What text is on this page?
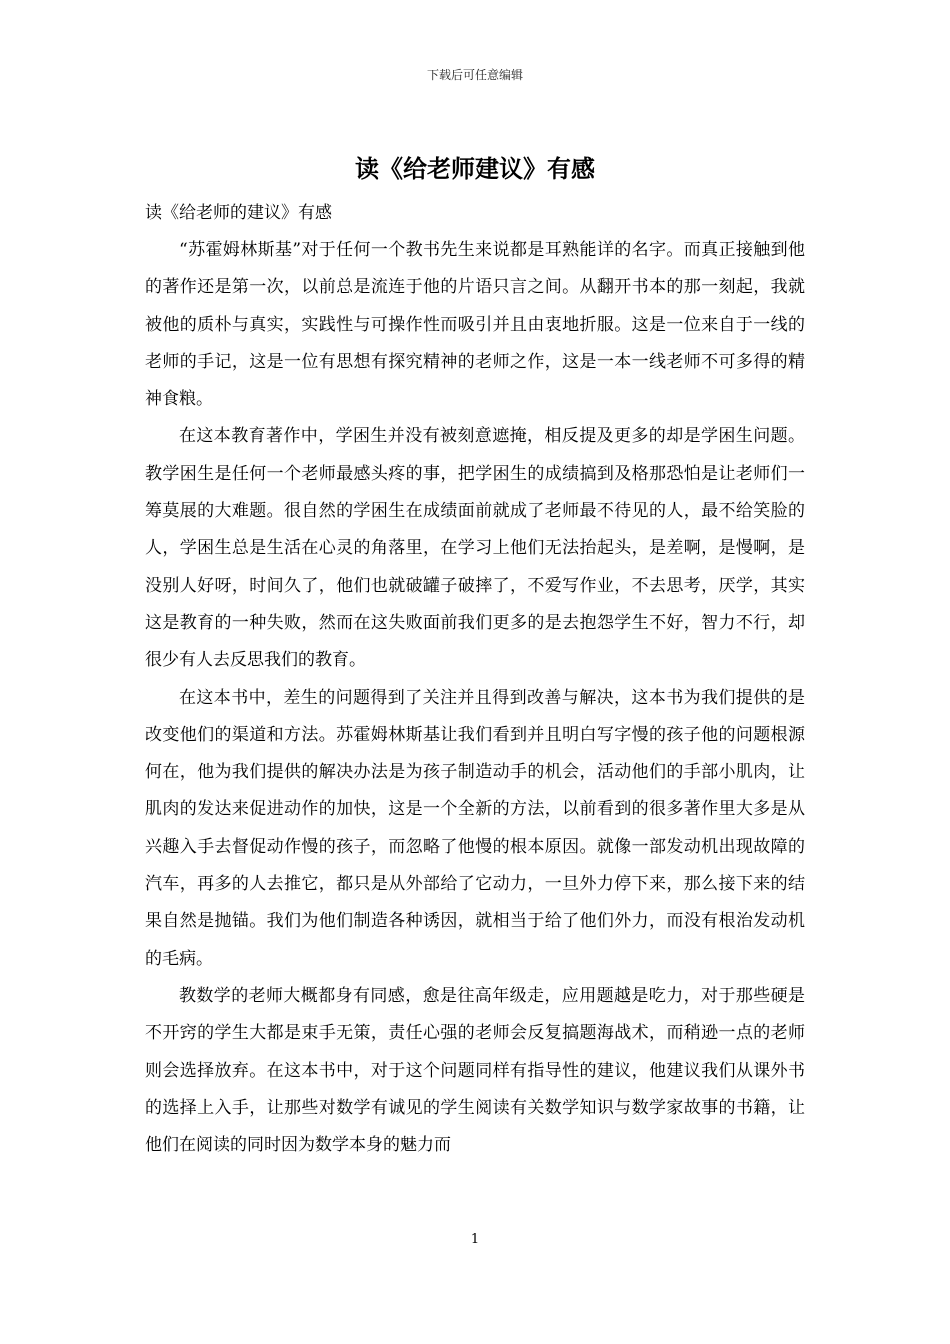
下载后可任意编辑
读《给老师建议》有感

读《给老师的建议》有感

“苏霍姆林斯基”对于任何一个教书先生来说都是耳熟能详的名字。而真正接触到他的著作还是第一次，以前总是流连于他的片语只言之间。从翻开书本的那一刻起，我就被他的质朴与真实，实践性与可操作性而吸引并且由衷地折服。这是一位来自于一线的老师的手记，这是一位有思想有探究精神的老师之作，这是一本一线老师不可多得的精神食粮。

在这本教育著作中，学困生并没有被刻意遮掩，相反提及更多的却是学困生问题。教学困生是任何一个老师最感头疼的事，把学困生的成绩搞到及格那恐怕是让老师们一筹莫展的大难题。很自然的学困生在成绩面前就成了老师最不待见的人，最不给笑脸的人，学困生总是生活在心灵的角落里，在学习上他们无法抬起头，是差啊，是慢啊，是没别人好呀，时间久了，他们也就破罐子破摔了，不爱写作业，不去思考，厌学，其实这是教育的一种失败，然而在这失败面前我们更多的是去抱怨学生不好，智力不行，却很少有人去反思我们的教育。

在这本书中，差生的问题得到了关注并且得到改善与解决，这本书为我们提供的是改变他们的渠道和方法。苏霍姆林斯基让我们看到并且明白写字慢的孩子他的问题根源何在，他为我们提供的解决办法是为孩子制造动手的机会，活动他们的手部小肌肉，让肌肉的发达来促进动作的加快，这是一个全新的方法，以前看到的很多著作里大多是从兴趣入手去督促动作慢的孩子，而忽略了他慢的根本原因。就像一部发动机出现故障的汽车，再多的人去推它，都只是从外部给了它动力，一旦外力停下来，那么接下来的结果自然是抛锚。我们为他们制造各种诱因，就相当于给了他们外力，而没有根治发动机的毛病。

教数学的老师大概都身有同感，愈是往高年级走，应用题越是吃力，对于那些硬是不开窍的学生大都是束手无策，责任心强的老师会反复搞题海战术，而稍逊一点的老师则会选择放弃。在这本书中，对于这个问题同样有指导性的建议，他建议我们从课外书的选择上入手，让那些对数学有诚见的学生阅读有关数学知识与数学家故事的书籍，让他们在阅读的同时因为数学本身的魅力而

1
